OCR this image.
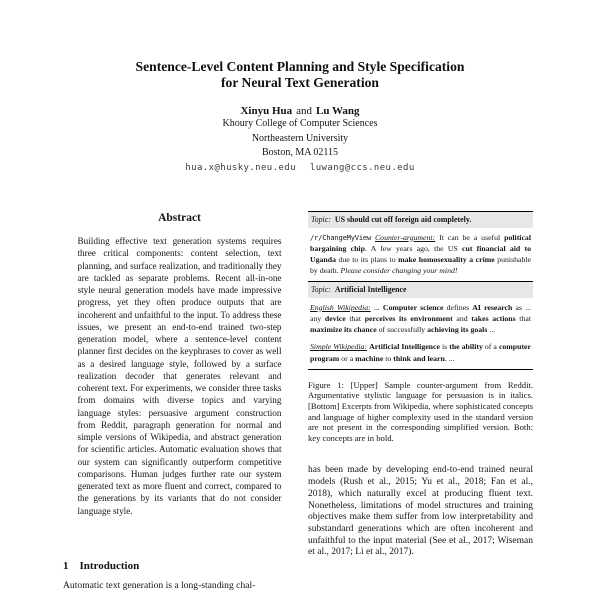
Sentence-Level Content Planning and Style Specification
for Neural Text Generation
Xinyu Hua and Lu Wang
Khoury College of Computer Sciences
Northeastern University
Boston, MA 02115
hua.x@husky.neu.edu luwang@ccs.neu.edu
Abstract
Building effective text generation systems requires three critical components: content selection, text planning, and surface realization, and traditionally they are tackled as separate problems. Recent all-in-one style neural generation models have made impressive progress, yet they often produce outputs that are incoherent and unfaithful to the input. To address these issues, we present an end-to-end trained two-step generation model, where a sentence-level content planner first decides on the keyphrases to cover as well as a desired language style, followed by a surface realization decoder that generates relevant and coherent text. For experiments, we consider three tasks from domains with diverse topics and varying language styles: persuasive argument construction from Reddit, paragraph generation for normal and simple versions of Wikipedia, and abstract generation for scientific articles. Automatic evaluation shows that our system can significantly outperform competitive comparisons. Human judges further rate our system generated text as more fluent and correct, compared to the generations by its variants that do not consider language style.
1 Introduction
Automatic text generation is a long-standing chal-
Topic: US should cut off foreign aid completely.
/r/ChangeMyView Counter-argument: It can be a useful political bargaining chip. A few years ago, the US cut financial aid to Uganda due to its plans to make homosexuality a crime punishable by death. Please consider changing your mind!
Topic: Artificial Intelligence
English Wikipedia: ... Computer science defines AI research as ... any device that perceives its environment and takes actions that maximize its chance of successfully achieving its goals ...
Simple Wikipedia: Artificial Intelligence is the ability of a computer program or a machine to think and learn. ...
Figure 1: [Upper] Sample counter-argument from Reddit. Argumentative stylistic language for persuasion is in italics. [Bottom] Excerpts from Wikipedia, where sophisticated concepts and language of higher complexity used in the standard version are not present in the corresponding simplified version. Both: key concepts are in bold.
has been made by developing end-to-end trained neural models (Rush et al., 2015; Yu et al., 2018; Fan et al., 2018), which naturally excel at producing fluent text. Nonetheless, limitations of model structures and training objectives make them suffer from low interpretability and substandard generations which are often incoherent and unfaithful to the input material (See et al., 2017; Wiseman et al., 2017; Li et al., 2017).
